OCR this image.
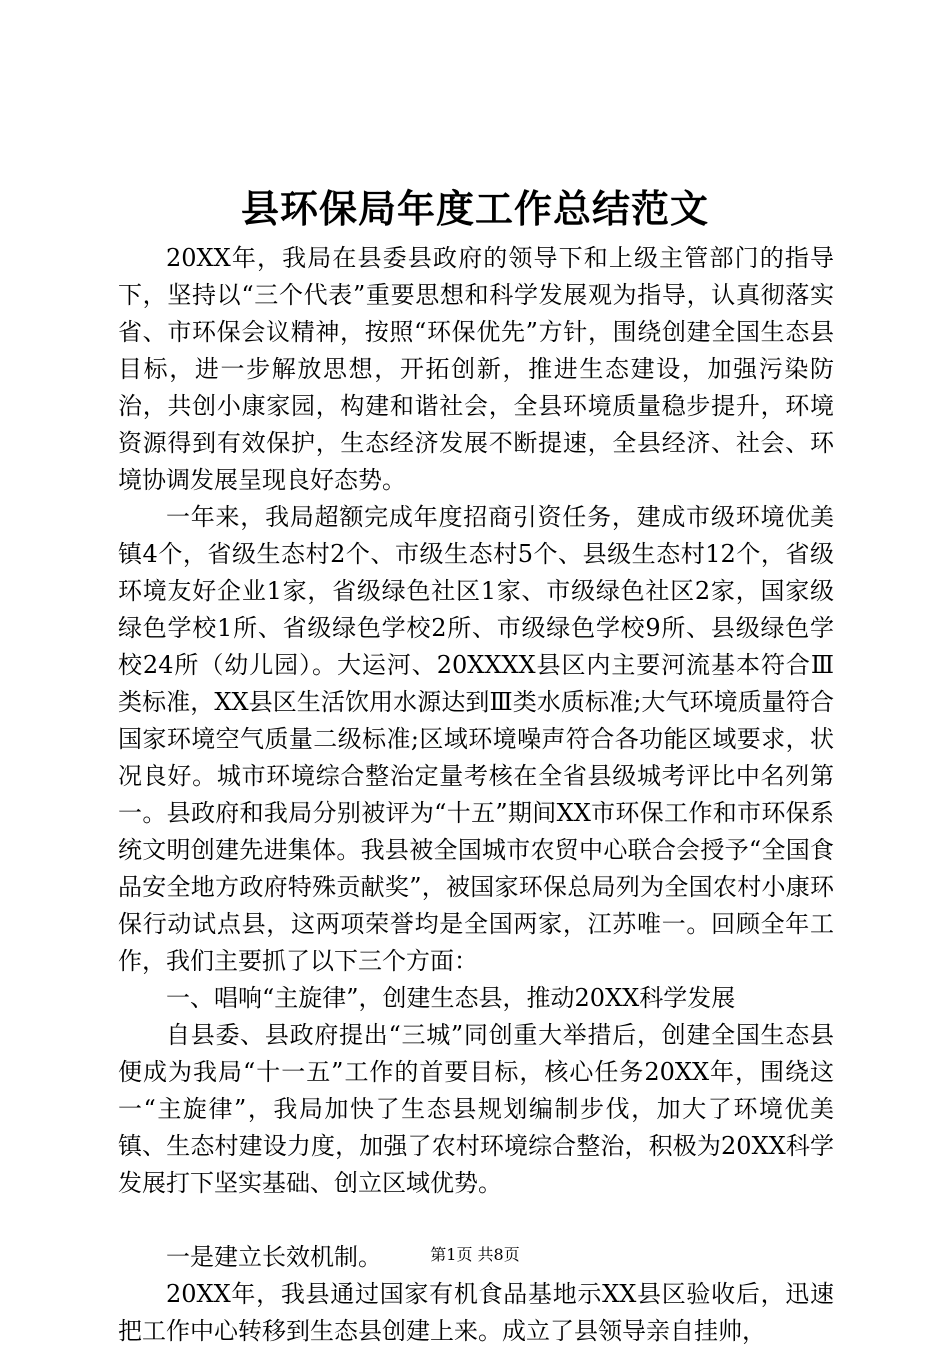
县环保局年度工作总结范文

20XX年，我局在县委县政府的领导下和上级主管部门的指导下，坚持以“三个代表”重要思想和科学发展观为指导，认真彻落实省、市环保会议精神，按照“环保优先”方针，围绕创建全国生态县目标，进一步解放思想，开拓创新，推进生态建设，加强污染防治，共创小康家园，构建和谐社会，全县环境质量稳步提升，环境资源得到有效保护，生态经济发展不断提速，全县经济、社会、环境协调发展呈现良好态势。

一年来，我局超额完成年度招商引资任务，建成市级环境优美镇4个，省级生态村2个、市级生态村5个、县级生态村12个，省级环境友好企业1家，省级绿色社区1家、市级绿色社区2家，国家级绿色学校1所、省级绿色学校2所、市级绿色学校9所、县级绿色学校24所（幼儿园）。大运河、20XXXX县区内主要河流基本符合Ⅲ类标准，XX县区生活饮用水源达到Ⅲ类水质标准;大气环境质量符合国家环境空气质量二级标准;区域环境噪声符合各功能区域要求，状况良好。城市环境综合整治定量考核在全省县级城考评比中名列第一。县政府和我局分别被评为“十五”期间XX市环保工作和市环保系统文明创建先进集体。我县被全国城市农贸中心联合会授予“全国食品安全地方政府特殊贡献奖”，被国家环保总局列为全国农村小康环保行动试点县，这两项荣誉均是全国两家，江苏唯一。回顾全年工作，我们主要抓了以下三个方面：

一、唱响“主旋律”，创建生态县，推动20XX科学发展

自县委、县政府提出“三城”同创重大举措后，创建全国生态县便成为我局“十一五”工作的首要目标，核心任务20XX年，围绕这一“主旋律”，我局加快了生态县规划编制步伐，加大了环境优美镇、生态村建设力度，加强了农村环境综合整治，积极为20XX科学发展打下坚实基础、创立区域优势。

一是建立长效机制。

20XX年，我县通过国家有机食品基地示XX县区验收后，迅速把工作中心转移到生态县创建上来。成立了县领导亲自挂帅，

第1页 共8页
